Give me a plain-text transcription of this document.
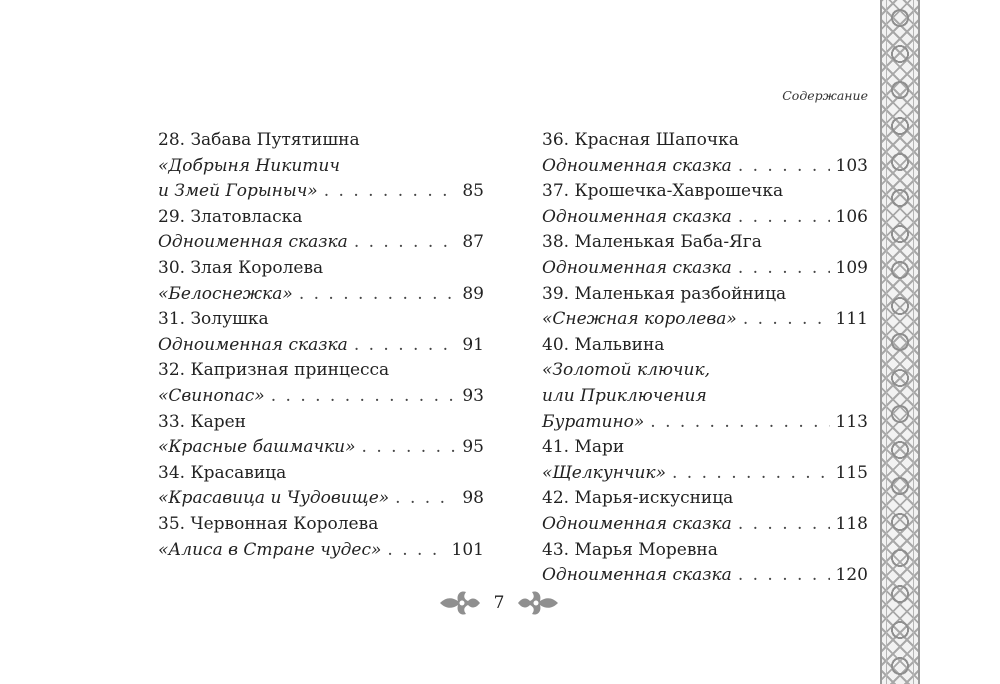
Содержание
28. Забава Путятишна
«Добрыня Никитич
и Змей Горыныч» . . .	85
29. Златовласка
Одноименная сказка . . .	87
30. Злая Королева
«Белоснежка» . . .	89
31. Золушка
Одноименная сказка . . .	91
32. Капризная принцесса
«Свинопас» . . .	93
33. Карен
«Красные башмачки» . . .	95
34. Красавица
«Красавица и Чудовище» . . .	98
35. Червонная Королева
«Алиса в Стране чудес» . . .	101
36. Красная Шапочка
Одноименная сказка . . .	103
37. Крошечка-Хаврошечка
Одноименная сказка . . .	106
38. Маленькая Баба-Яга
Одноименная сказка . . .	109
39. Маленькая разбойница
«Снежная королева» . . .	111
40. Мальвина
«Золотой ключик,
или Приключения
Буратино» . . .	113
41. Мари
«Щелкунчик» . . .	115
42. Марья-искусница
Одноименная сказка . . .	118
43. Марья Моревна
Одноименная сказка . . .	120
7
